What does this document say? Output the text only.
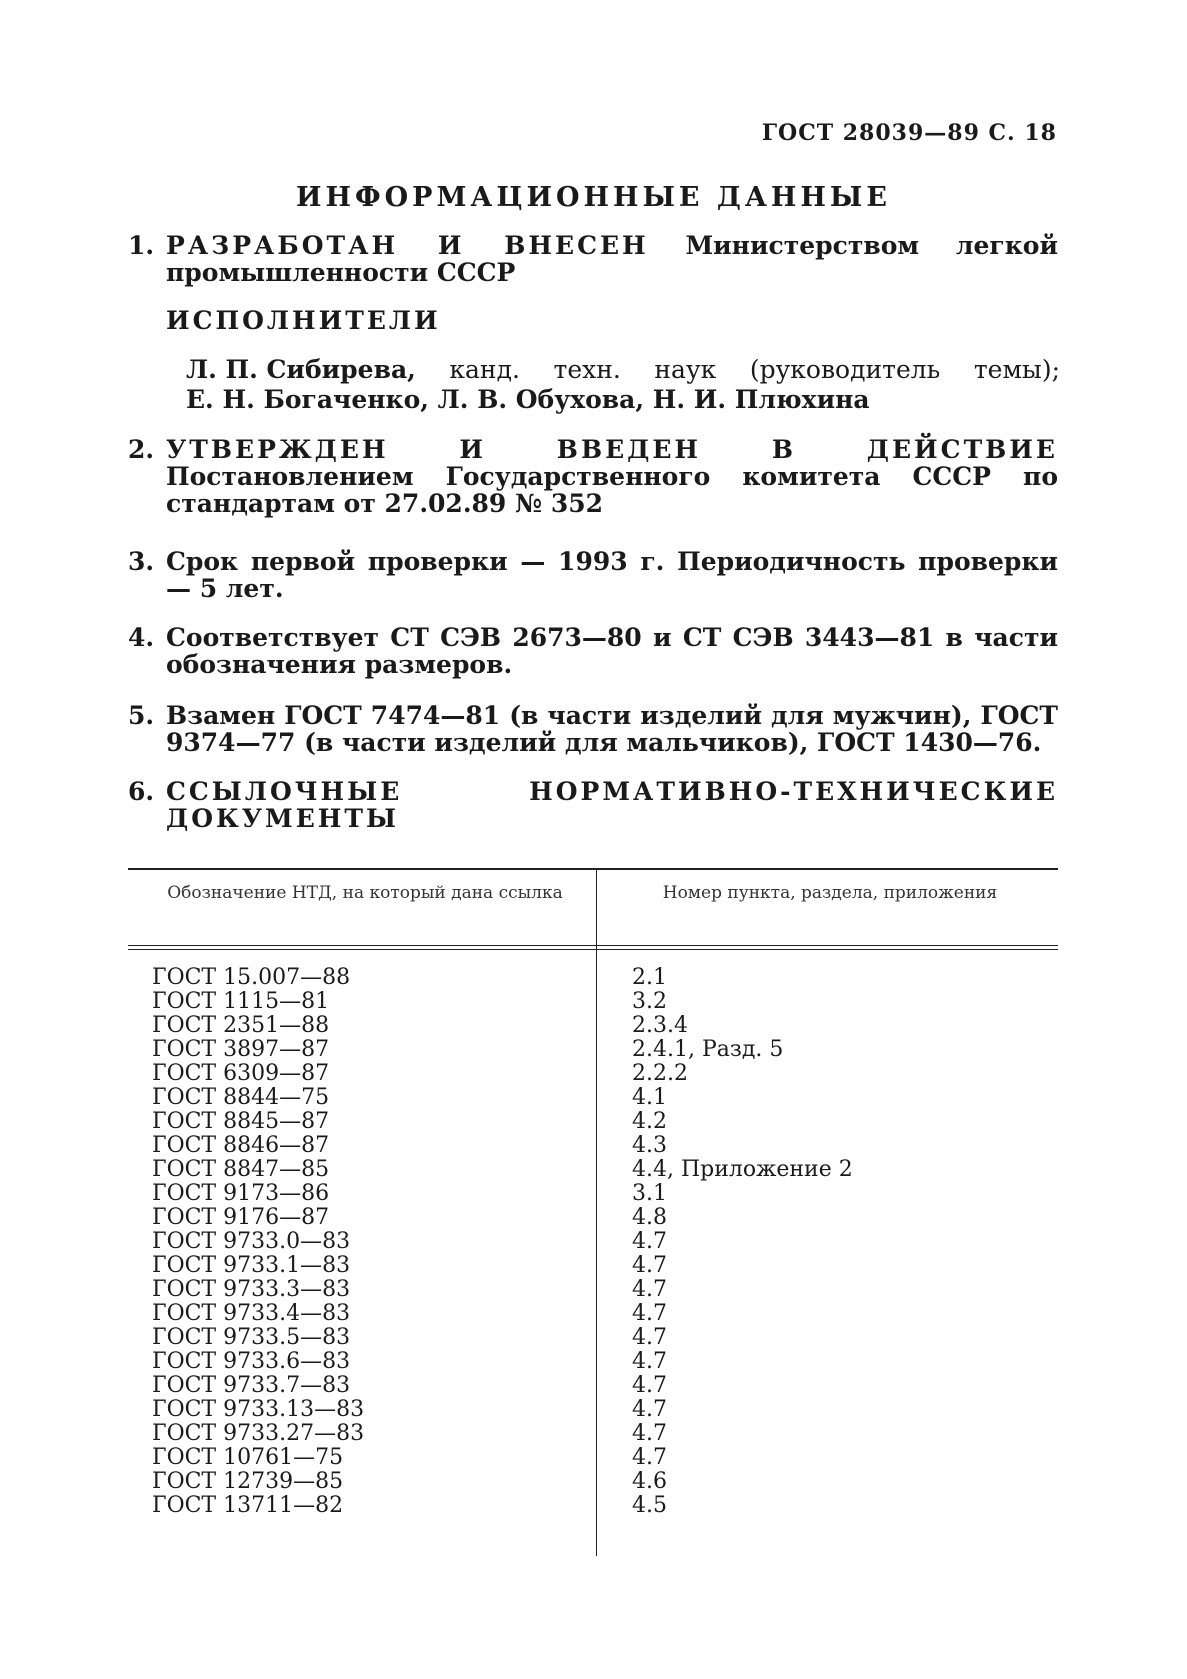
ГОСТ 28039—89 С. 18
ИНФОРМАЦИОННЫЕ ДАННЫЕ
1. РАЗРАБОТАН И ВНЕСЕН Министерством легкой промышленности СССР
ИСПОЛНИТЕЛИ
Л. П. Сибирева, канд. техн. наук (руководитель темы);
Е. Н. Богаченко, Л. В. Обухова, Н. И. Плюхина
2. УТВЕРЖДЕН И ВВЕДЕН В ДЕЙСТВИЕ Постановлением Государственного комитета СССР по стандартам от 27.02.89 № 352
3. Срок первой проверки — 1993 г. Периодичность проверки — 5 лет.
4. Соответствует СТ СЭВ 2673—80 и СТ СЭВ 3443—81 в части обозначения размеров.
5. Взамен ГОСТ 7474—81 (в части изделий для мужчин), ГОСТ 9374—77 (в части изделий для мальчиков), ГОСТ 1430—76.
6. ССЫЛОЧНЫЕ НОРМАТИВНО-ТЕХНИЧЕСКИЕ ДОКУМЕНТЫ
Обозначение НТД, на который дана ссылка	Номер пункта, раздела, приложения
ГОСТ 15.007—88
ГОСТ 1115—81
ГОСТ 2351—88
ГОСТ 3897—87
ГОСТ 6309—87
ГОСТ 8844—75
ГОСТ 8845—87
ГОСТ 8846—87
ГОСТ 8847—85
ГОСТ 9173—86
ГОСТ 9176—87
ГОСТ 9733.0—83
ГОСТ 9733.1—83
ГОСТ 9733.3—83
ГОСТ 9733.4—83
ГОСТ 9733.5—83
ГОСТ 9733.6—83
ГОСТ 9733.7—83
ГОСТ 9733.13—83
ГОСТ 9733.27—83
ГОСТ 10761—75
ГОСТ 12739—85
ГОСТ 13711—82
2.1
3.2
2.3.4
2.4.1, Разд. 5
2.2.2
4.1
4.2
4.3
4.4, Приложение 2
3.1
4.8
4.7
4.7
4.7
4.7
4.7
4.7
4.7
4.7
4.7
4.7
4.6
4.5
